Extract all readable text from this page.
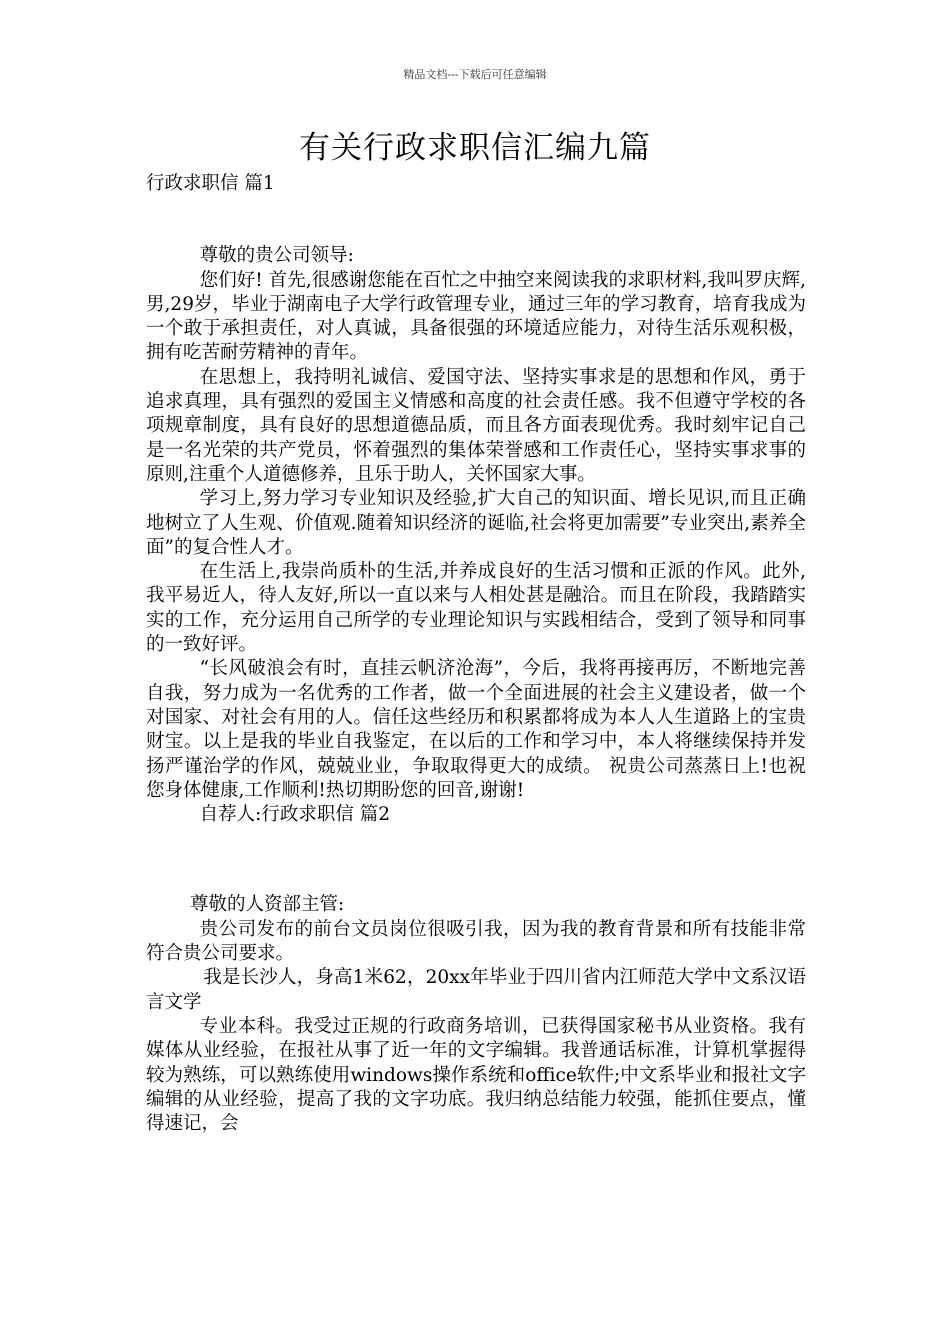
精品文档---下载后可任意编辑
有关行政求职信汇编九篇

行政求职信 篇1

尊敬的贵公司领导:

您们好! 首先,很感谢您能在百忙之中抽空来阅读我的求职材料,我叫罗庆辉,男,29岁，毕业于湖南电子大学行政管理专业，通过三年的学习教育，培育我成为一个敢于承担责任，对人真诚，具备很强的环境适应能力，对待生活乐观积极，拥有吃苦耐劳精神的青年。

在思想上，我持明礼诚信、爱国守法、坚持实事求是的思想和作风，勇于追求真理，具有强烈的爱国主义情感和高度的社会责任感。我不但遵守学校的各项规章制度，具有良好的思想道德品质，而且各方面表现优秀。我时刻牢记自己是一名光荣的共产党员，怀着强烈的集体荣誉感和工作责任心，坚持实事求事的原则,注重个人道德修养，且乐于助人，关怀国家大事。

学习上,努力学习专业知识及经验,扩大自己的知识面、增长见识,而且正确地树立了人生观、价值观.随着知识经济的诞临,社会将更加需要”专业突出,素养全面”的复合性人才。

在生活上,我崇尚质朴的生活,并养成良好的生活习惯和正派的作风。此外,我平易近人，待人友好,所以一直以来与人相处甚是融洽。而且在阶段，我踏踏实实的工作，充分运用自己所学的专业理论知识与实践相结合，受到了领导和同事的一致好评。

“长风破浪会有时，直挂云帆济沧海”，今后，我将再接再厉，不断地完善自我，努力成为一名优秀的工作者，做一个全面进展的社会主义建设者，做一个对国家、对社会有用的人。信任这些经历和积累都将成为本人人生道路上的宝贵财宝。以上是我的毕业自我鉴定，在以后的工作和学习中，本人将继续保持并发扬严谨治学的作风，兢兢业业，争取取得更大的成绩。 祝贵公司蒸蒸日上!也祝您身体健康,工作顺利!热切期盼您的回音,谢谢!

自荐人:行政求职信 篇2

尊敬的人资部主管:

贵公司发布的前台文员岗位很吸引我，因为我的教育背景和所有技能非常符合贵公司要求。

我是长沙人，身高1米62，20xx年毕业于四川省内江师范大学中文系汉语言文学

专业本科。我受过正规的行政商务培训，已获得国家秘书从业资格。我有媒体从业经验，在报社从事了近一年的文字编辑。我普通话标准，计算机掌握得较为熟练，可以熟练使用windows操作系统和office软件;中文系毕业和报社文字编辑的从业经验，提高了我的文字功底。我归纳总结能力较强，能抓住要点，懂得速记，会
